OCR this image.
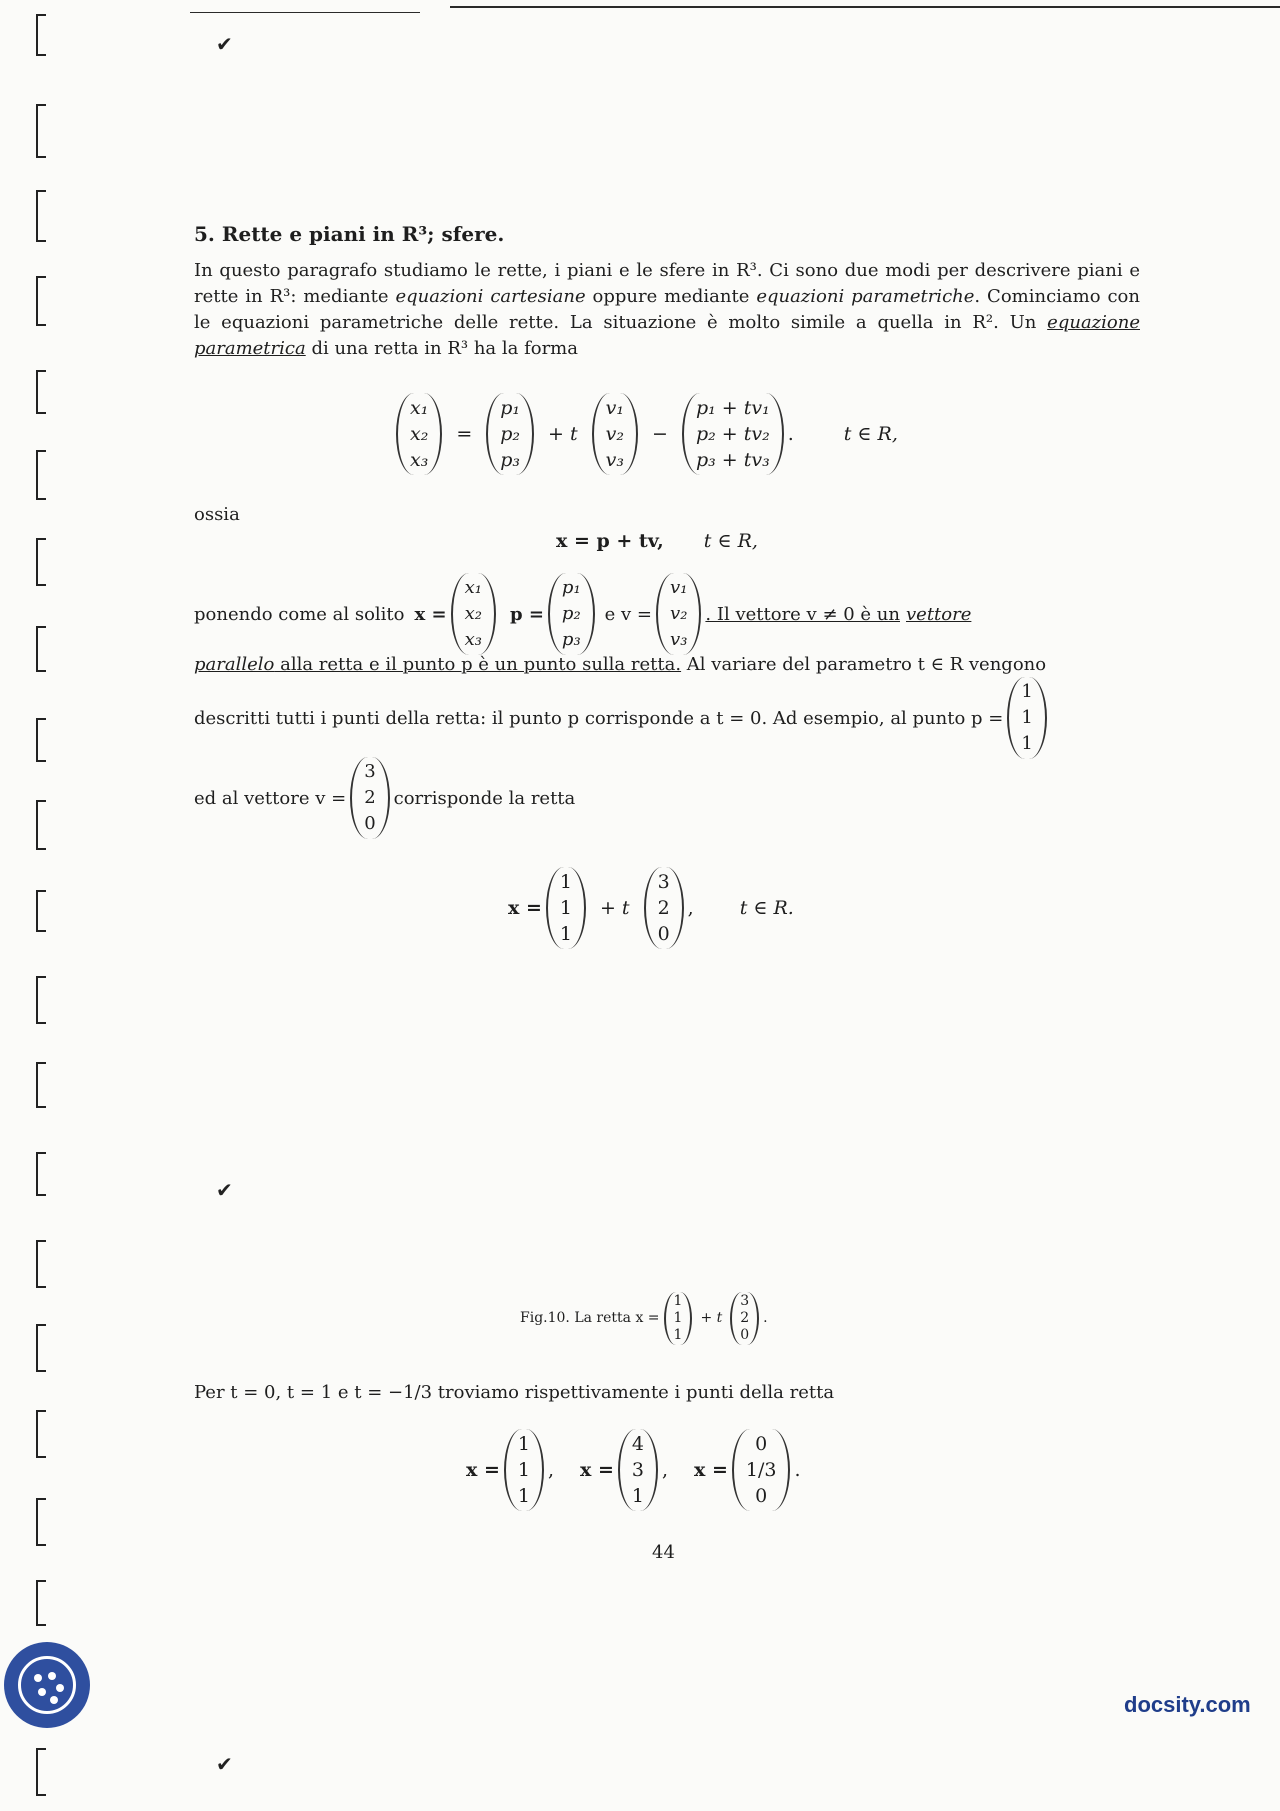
✔
✔
✔
5. Rette e piani in R³; sfere.
In questo paragrafo studiamo le rette, i piani e le sfere in R³. Ci sono due modi per descrivere piani e rette in R³: mediante equazioni cartesiane oppure mediante equazioni parametriche. Cominciamo con le equazioni parametriche delle rette. La situazione è molto simile a quella in R². Un equazione parametrica di una retta in R³ ha la forma
x₁
x₂
x₃
=
p₁
p₂
p₃
+ t
v₁
v₂
v₃
−
p₁ + tv₁
p₂ + tv₂
p₃ + tv₃
.	t ∈ R,
ossia
x = p + tv, t ∈ R,
ponendo come al solito x =
x₁
x₂
x₃
p =
p₁
p₂
p₃
e v =
v₁
v₂
v₃
. Il vettore v ≠ 0 è un vettore
parallelo alla retta e il punto p è un punto sulla retta. Al variare del parametro t ∈ R vengono
descritti tutti i punti della retta: il punto p corrisponde a t = 0. Ad esempio, al punto p =
1
1
1
ed al vettore v =
3
2
0
corrisponde la retta
x =
1
1
1
+ t
3
2
0
, t ∈ R.
Fig.10. La retta x =
1
1
1
+ t
3
2
0
.
Per t = 0, t = 1 e t = −1/3 troviamo rispettivamente i punti della retta
x =
1
1
1
, x =
4
3
1
, x =
0
1/3
0
.
44
docsity.com
